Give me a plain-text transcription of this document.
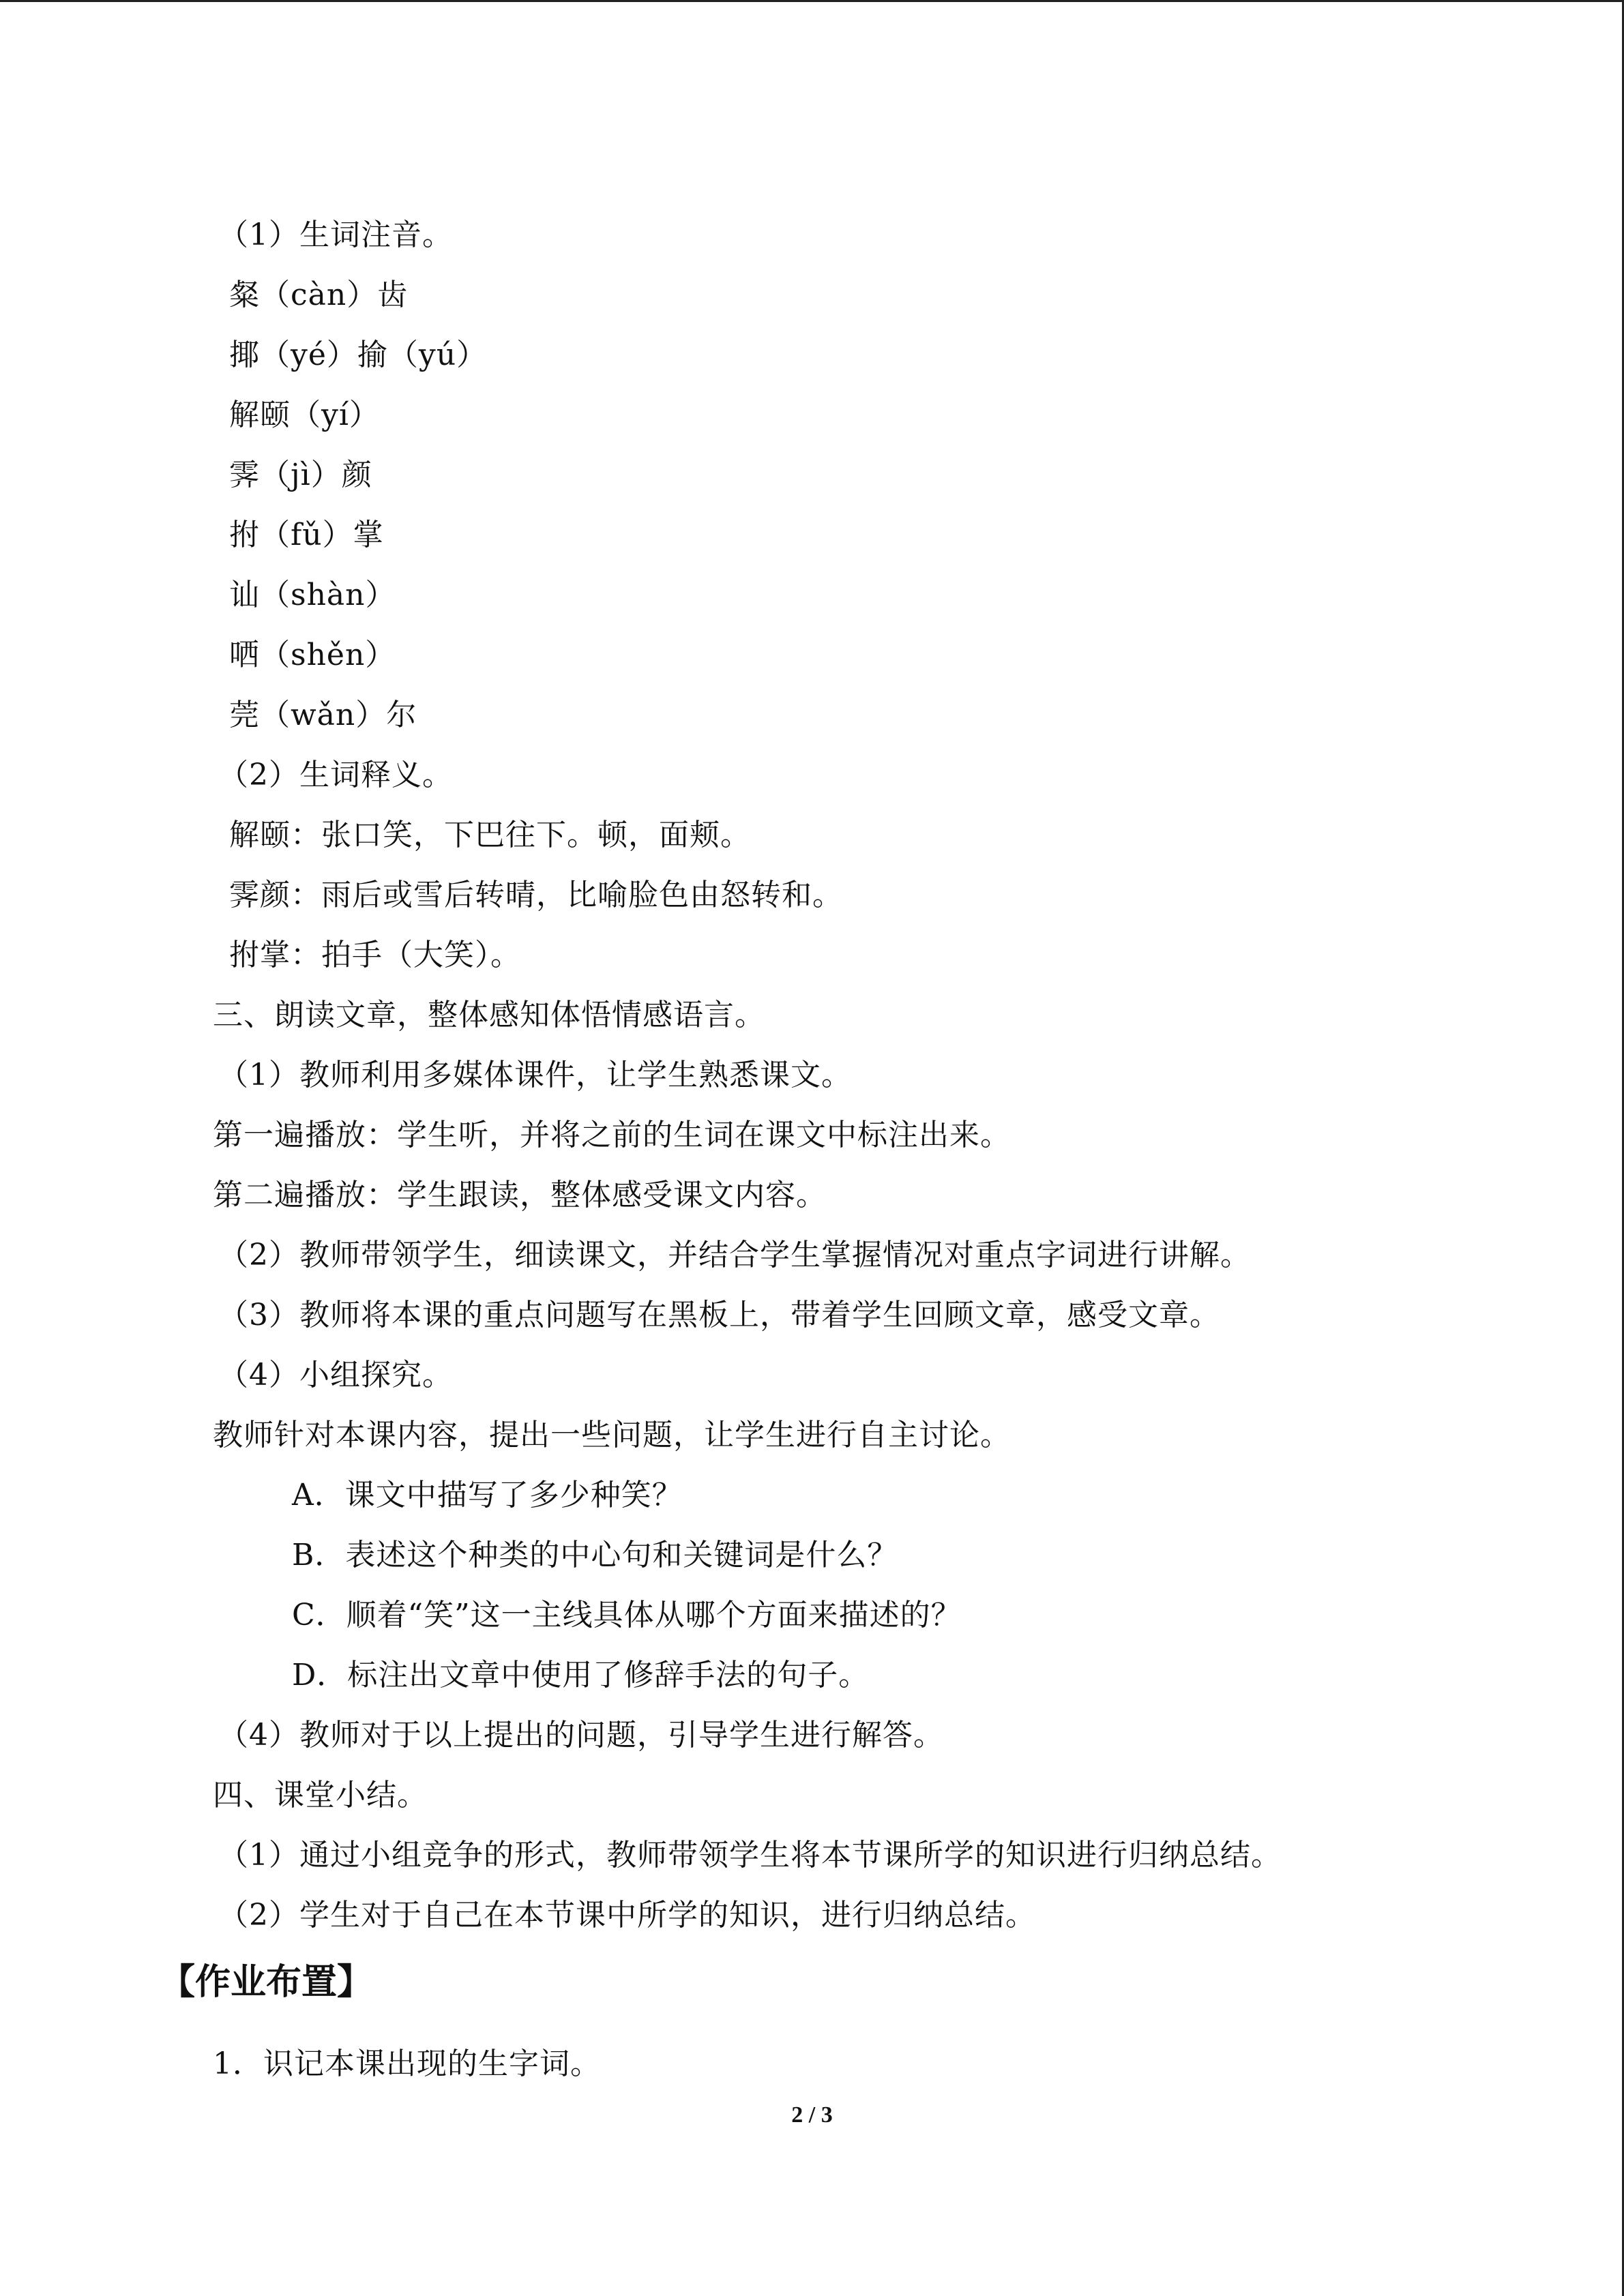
（1）生词注音。
粲（càn）齿
揶（yé）揄（yú）
解颐（yí）
霁（jì）颜
拊（fǔ）掌
讪（shàn）
哂（shěn）
莞（wǎn）尔
（2）生词释义。
解颐：张口笑，下巴往下。顿，面颊。
霁颜：雨后或雪后转晴，比喻脸色由怒转和。
拊掌：拍手（大笑）。
三、朗读文章，整体感知体悟情感语言。
（1）教师利用多媒体课件，让学生熟悉课文。
第一遍播放：学生听，并将之前的生词在课文中标注出来。
第二遍播放：学生跟读，整体感受课文内容。
（2）教师带领学生，细读课文，并结合学生掌握情况对重点字词进行讲解。
（3）教师将本课的重点问题写在黑板上，带着学生回顾文章，感受文章。
（4）小组探究。
教师针对本课内容，提出一些问题，让学生进行自主讨论。
A．课文中描写了多少种笑？
B．表述这个种类的中心句和关键词是什么？
C．顺着“笑”这一主线具体从哪个方面来描述的？
D．标注出文章中使用了修辞手法的句子。
（4）教师对于以上提出的问题，引导学生进行解答。
四、课堂小结。
（1）通过小组竞争的形式，教师带领学生将本节课所学的知识进行归纳总结。
（2）学生对于自己在本节课中所学的知识，进行归纳总结。
【作业布置】
1．识记本课出现的生字词。
2 / 3
